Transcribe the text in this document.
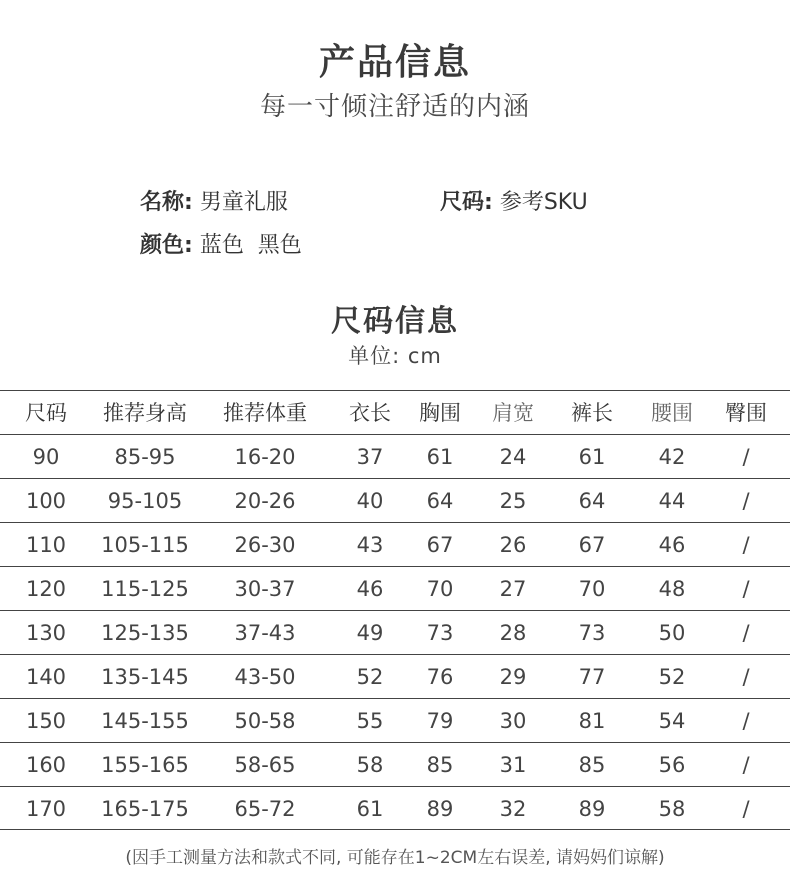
产品信息
每一寸倾注舒适的内涵
名称: 男童礼服	尺码: 参考SKU
颜色: 蓝色  黑色
尺码信息
单位: cm
尺码	推荐身高	推荐体重	衣长	胸围	肩宽	裤长	腰围	臀围
90	85-95	16-20	37	61	24	61	42	/
100	95-105	20-26	40	64	25	64	44	/
110	105-115	26-30	43	67	26	67	46	/
120	115-125	30-37	46	70	27	70	48	/
130	125-135	37-43	49	73	28	73	50	/
140	135-145	43-50	52	76	29	77	52	/
150	145-155	50-58	55	79	30	81	54	/
160	155-165	58-65	58	85	31	85	56	/
170	165-175	65-72	61	89	32	89	58	/
(因手工测量方法和款式不同, 可能存在1~2CM左右误差, 请妈妈们谅解)
